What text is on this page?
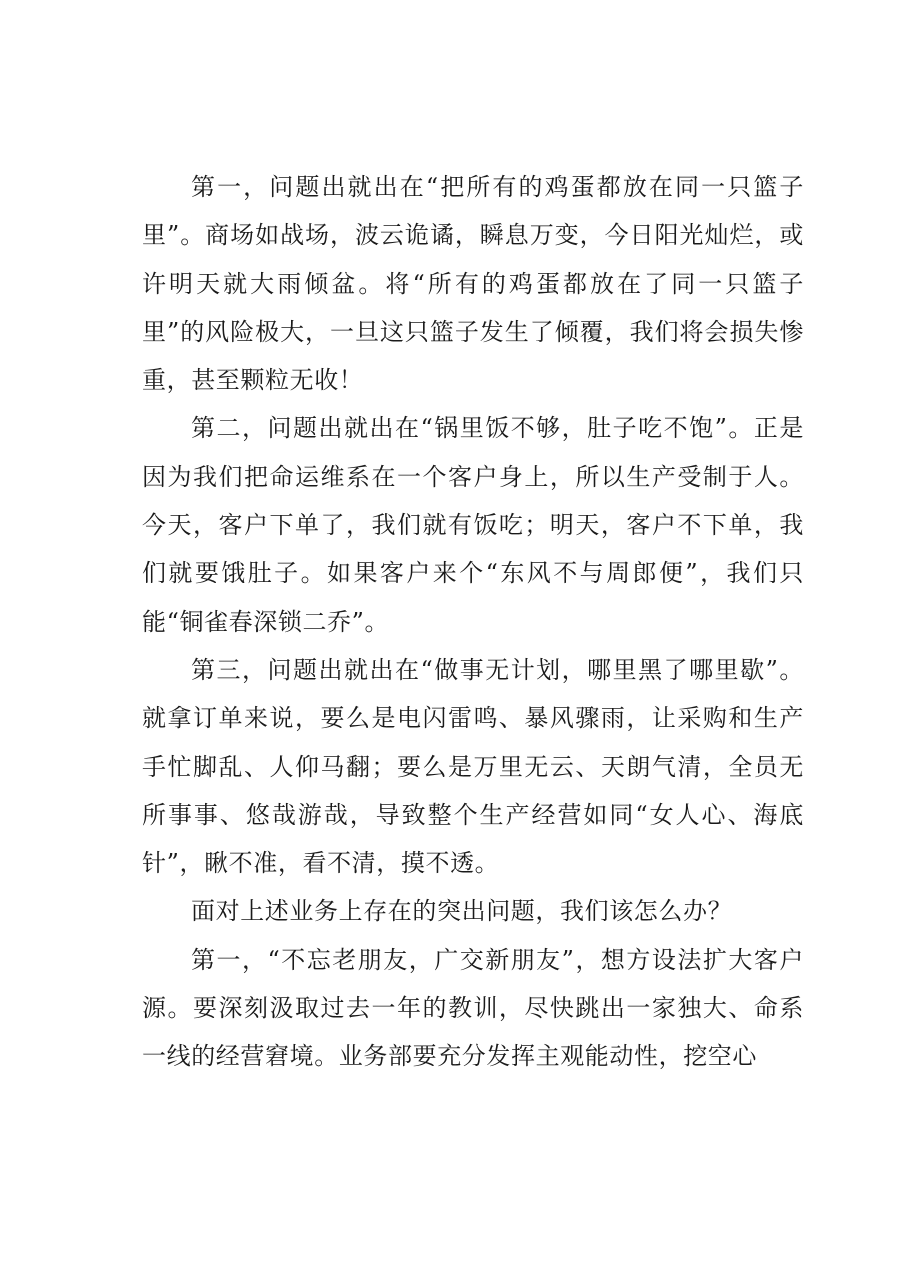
第一，问题出就出在“把所有的鸡蛋都放在同一只篮子里”。商场如战场，波云诡谲，瞬息万变，今日阳光灿烂，或许明天就大雨倾盆。将“所有的鸡蛋都放在了同一只篮子里”的风险极大，一旦这只篮子发生了倾覆，我们将会损失惨重，甚至颗粒无收！

第二，问题出就出在“锅里饭不够，肚子吃不饱”。正是因为我们把命运维系在一个客户身上，所以生产受制于人。今天，客户下单了，我们就有饭吃；明天，客户不下单，我们就要饿肚子。如果客户来个“东风不与周郎便”，我们只能“铜雀春深锁二乔”。

第三，问题出就出在“做事无计划，哪里黑了哪里歇”。就拿订单来说，要么是电闪雷鸣、暴风骤雨，让采购和生产手忙脚乱、人仰马翻；要么是万里无云、天朗气清，全员无所事事、悠哉游哉，导致整个生产经营如同“女人心、海底针”，瞅不准，看不清，摸不透。

面对上述业务上存在的突出问题，我们该怎么办？

第一，“不忘老朋友，广交新朋友”，想方设法扩大客户源。要深刻汲取过去一年的教训，尽快跳出一家独大、命系一线的经营窘境。业务部要充分发挥主观能动性，挖空心
